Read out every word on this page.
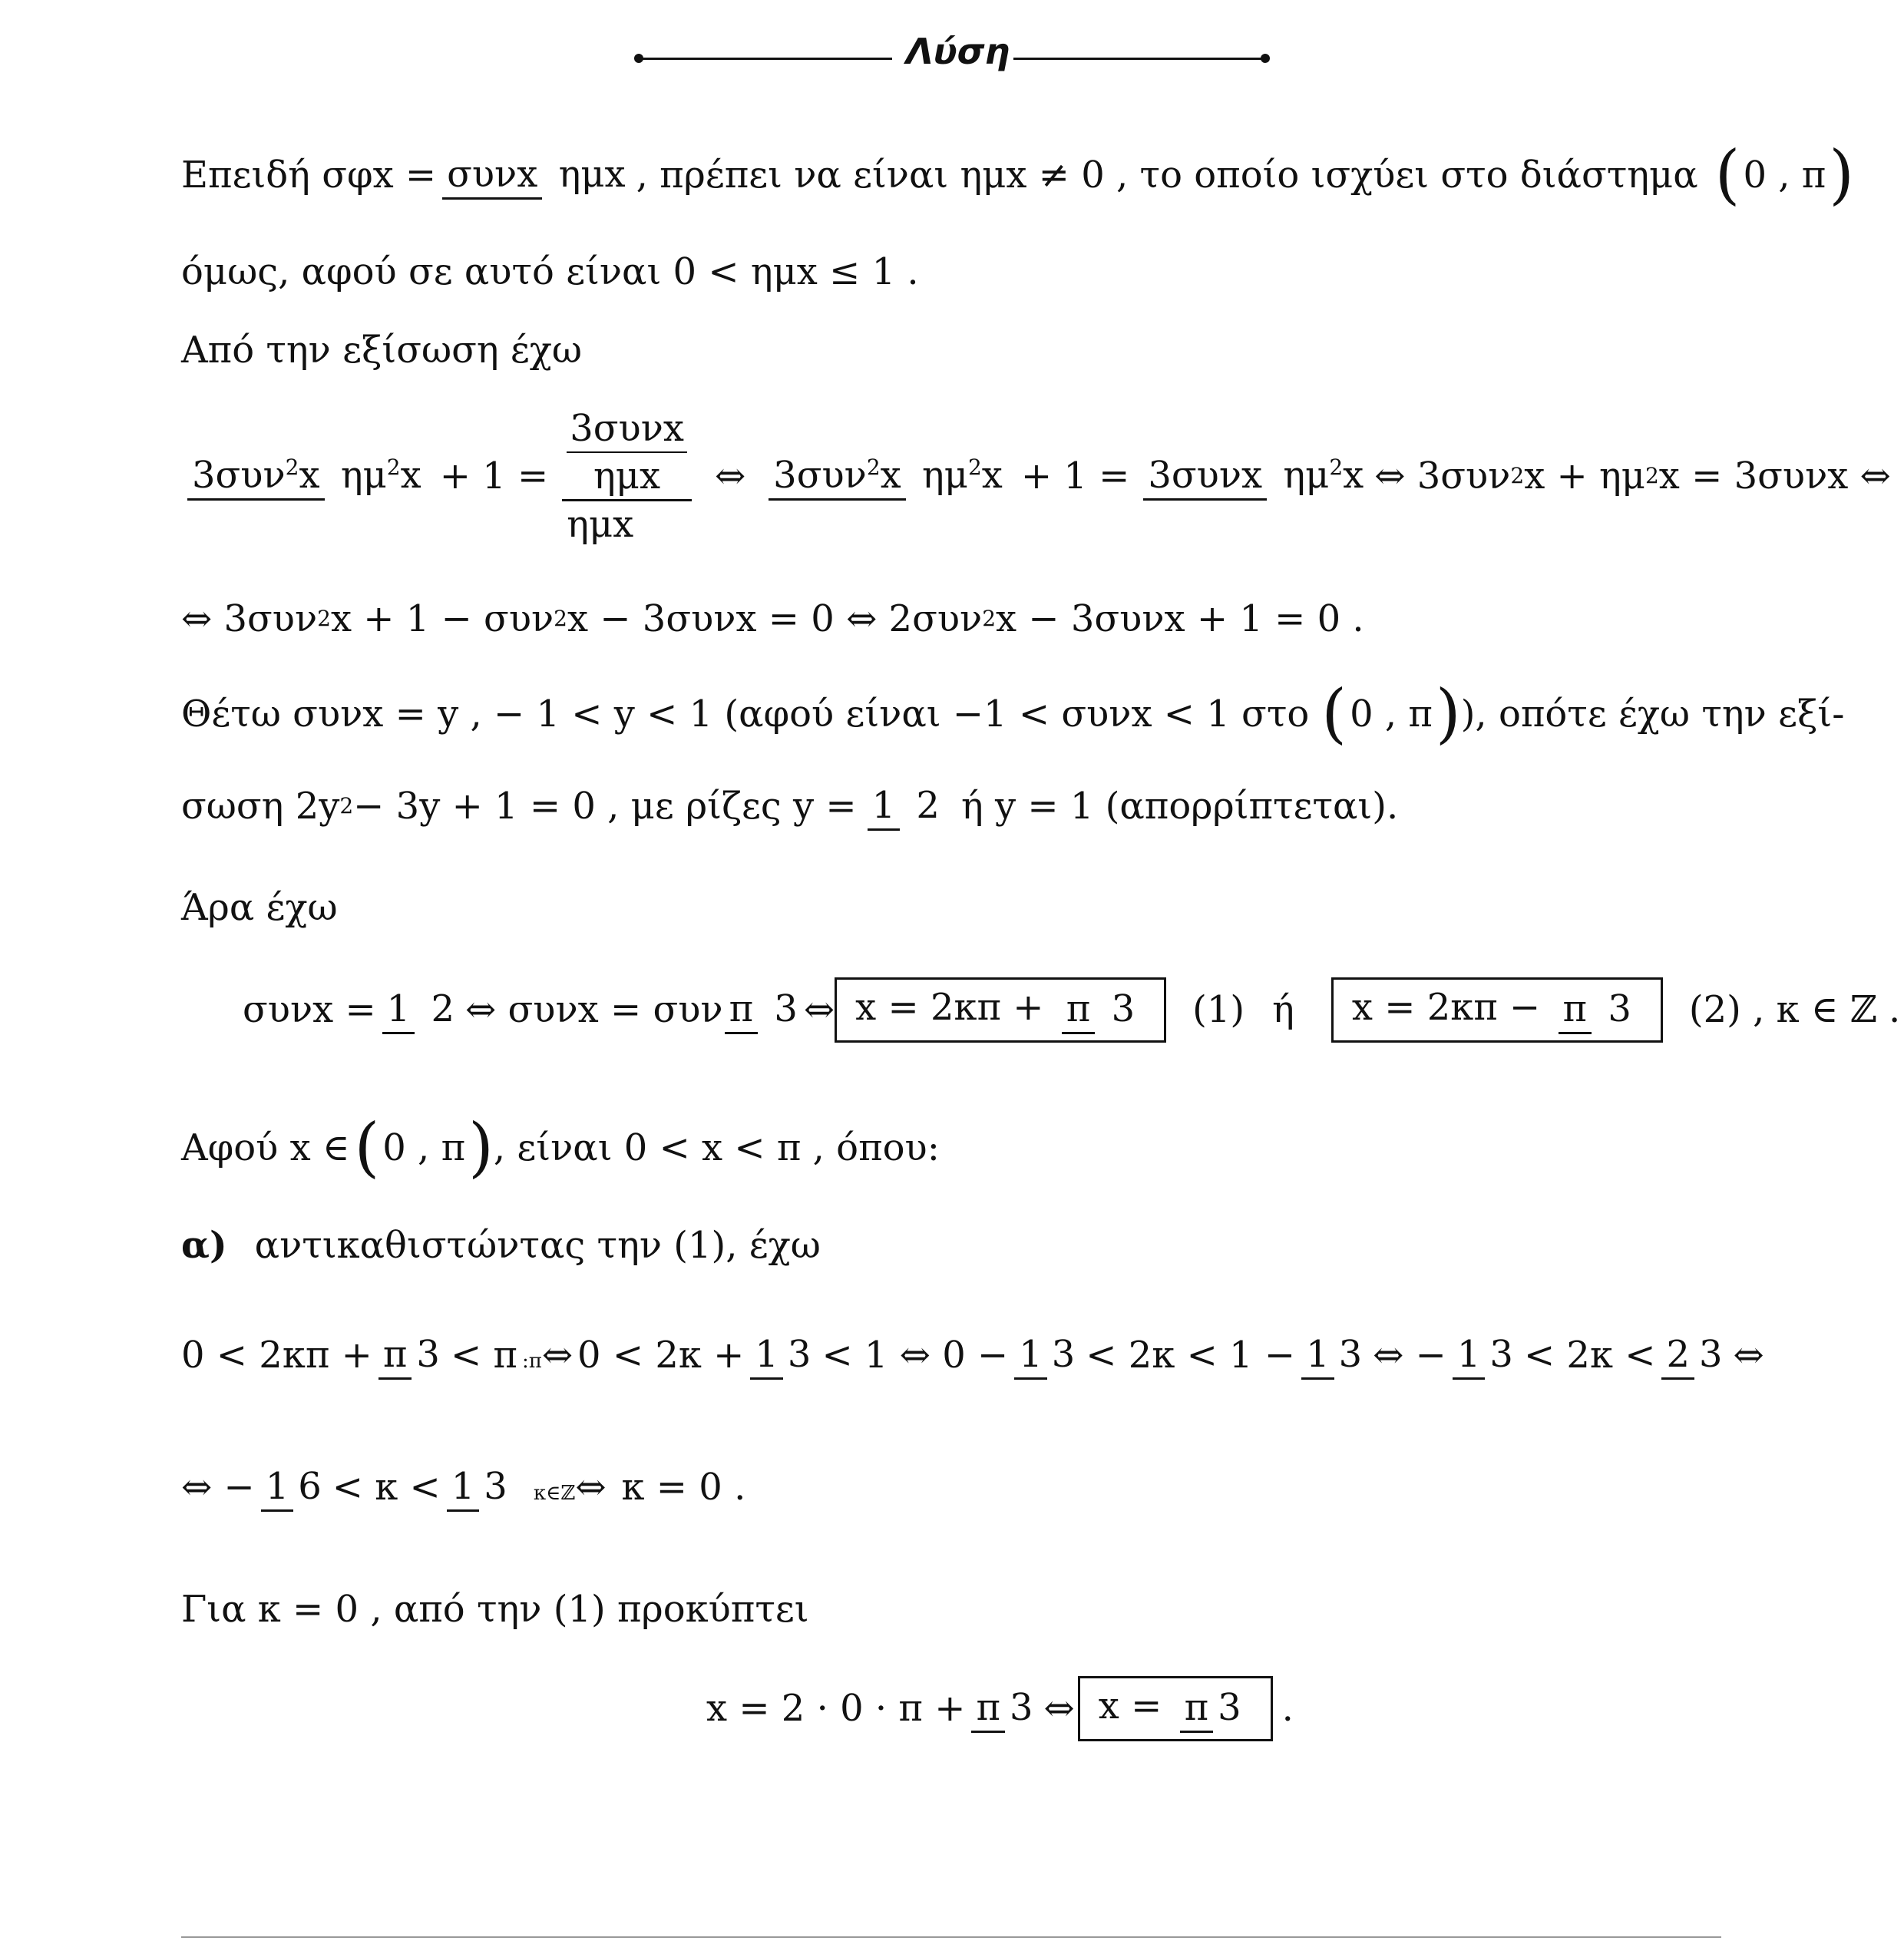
Λύση
Επειδή σφx = συνx ημx , πρέπει να είναι ημx ≠ 0 , το οποίο ισχύει στο διάστημα ( 0 , π )
όμως, αφού σε αυτό είναι 0 < ημx ≤ 1 .
Από την εξίσωση έχω
3συν$^2$x $\eta\mu^2x + 1 = 3\sigma\upsilon\nu x$
ημx
ημx ⇔ 3συν$^2$x $\eta\mu^2x + 1 = 3\sigma\upsilon\nu x$ $\eta\mu^2x$ ⇔ 3συν 2 x + ημ 2 x = 3συνx ⇔
⇔ 3συν 2 x + 1 − συν 2 x − 3συνx = 0 ⇔ 2συν 2 x − 3συνx + 1 = 0 .
Θέτω συνx = y , − 1 < y < 1 (αφού είναι −1 < συνx < 1 στο ( 0 , π ) ), οπότε έχω την εξί-
σωση 2y 2 − 3y + 1 = 0 , με ρίζες y = 1 2 ή y = 1 (απορρίπτεται).
Άρα έχω
συνx = 1 2 ⇔ συνx = συν π 3 ⇔ x = 2κπ + π 3	(1) ή	x = 2κπ − π 3	(2) , κ ∈ ℤ .
Αφού x ∈ ( 0 , π ) , είναι 0 < x < π , όπου:
α) αντικαθιστώντας την (1), έχω
0 < 2κπ + π 3 < π :π⇔ 0 < 2κ + 1 3 < 1 ⇔ 0 − 1 3 < 2κ < 1 − 1 3 ⇔ − 1 3 < 2κ < 2 3 ⇔
⇔ − 1 6 < κ < 1 3 κ∈ℤ⇔ κ = 0 .
Για κ = 0 , από την (1) προκύπτει
x = 2 · 0 · π + π 3 ⇔ x = π 3	.
